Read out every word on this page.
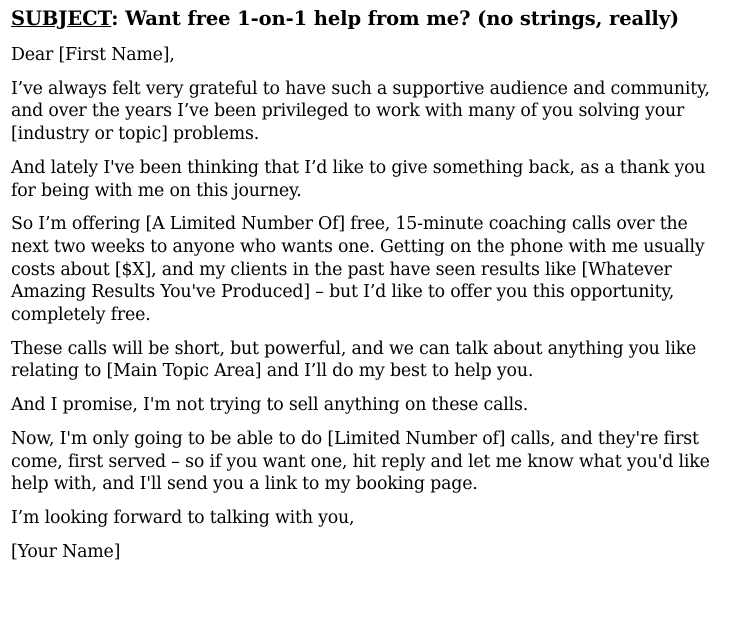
SUBJECT: Want free 1-on-1 help from me? (no strings, really)

Dear [First Name],

I’ve always felt very grateful to have such a supportive audience and community, and over the years I’ve been privileged to work with many of you solving your [industry or topic] problems.

And lately I've been thinking that I’d like to give something back, as a thank you for being with me on this journey.

So I’m offering [A Limited Number Of] free, 15-minute coaching calls over the next two weeks to anyone who wants one. Getting on the phone with me usually costs about [$X], and my clients in the past have seen results like [Whatever Amazing Results You've Produced] – but I’d like to offer you this opportunity, completely free.

These calls will be short, but powerful, and we can talk about anything you like relating to [Main Topic Area] and I’ll do my best to help you.

And I promise, I'm not trying to sell anything on these calls.

Now, I'm only going to be able to do [Limited Number of] calls, and they're first come, first served – so if you want one, hit reply and let me know what you'd like help with, and I'll send you a link to my booking page.

I’m looking forward to talking with you,

[Your Name]
